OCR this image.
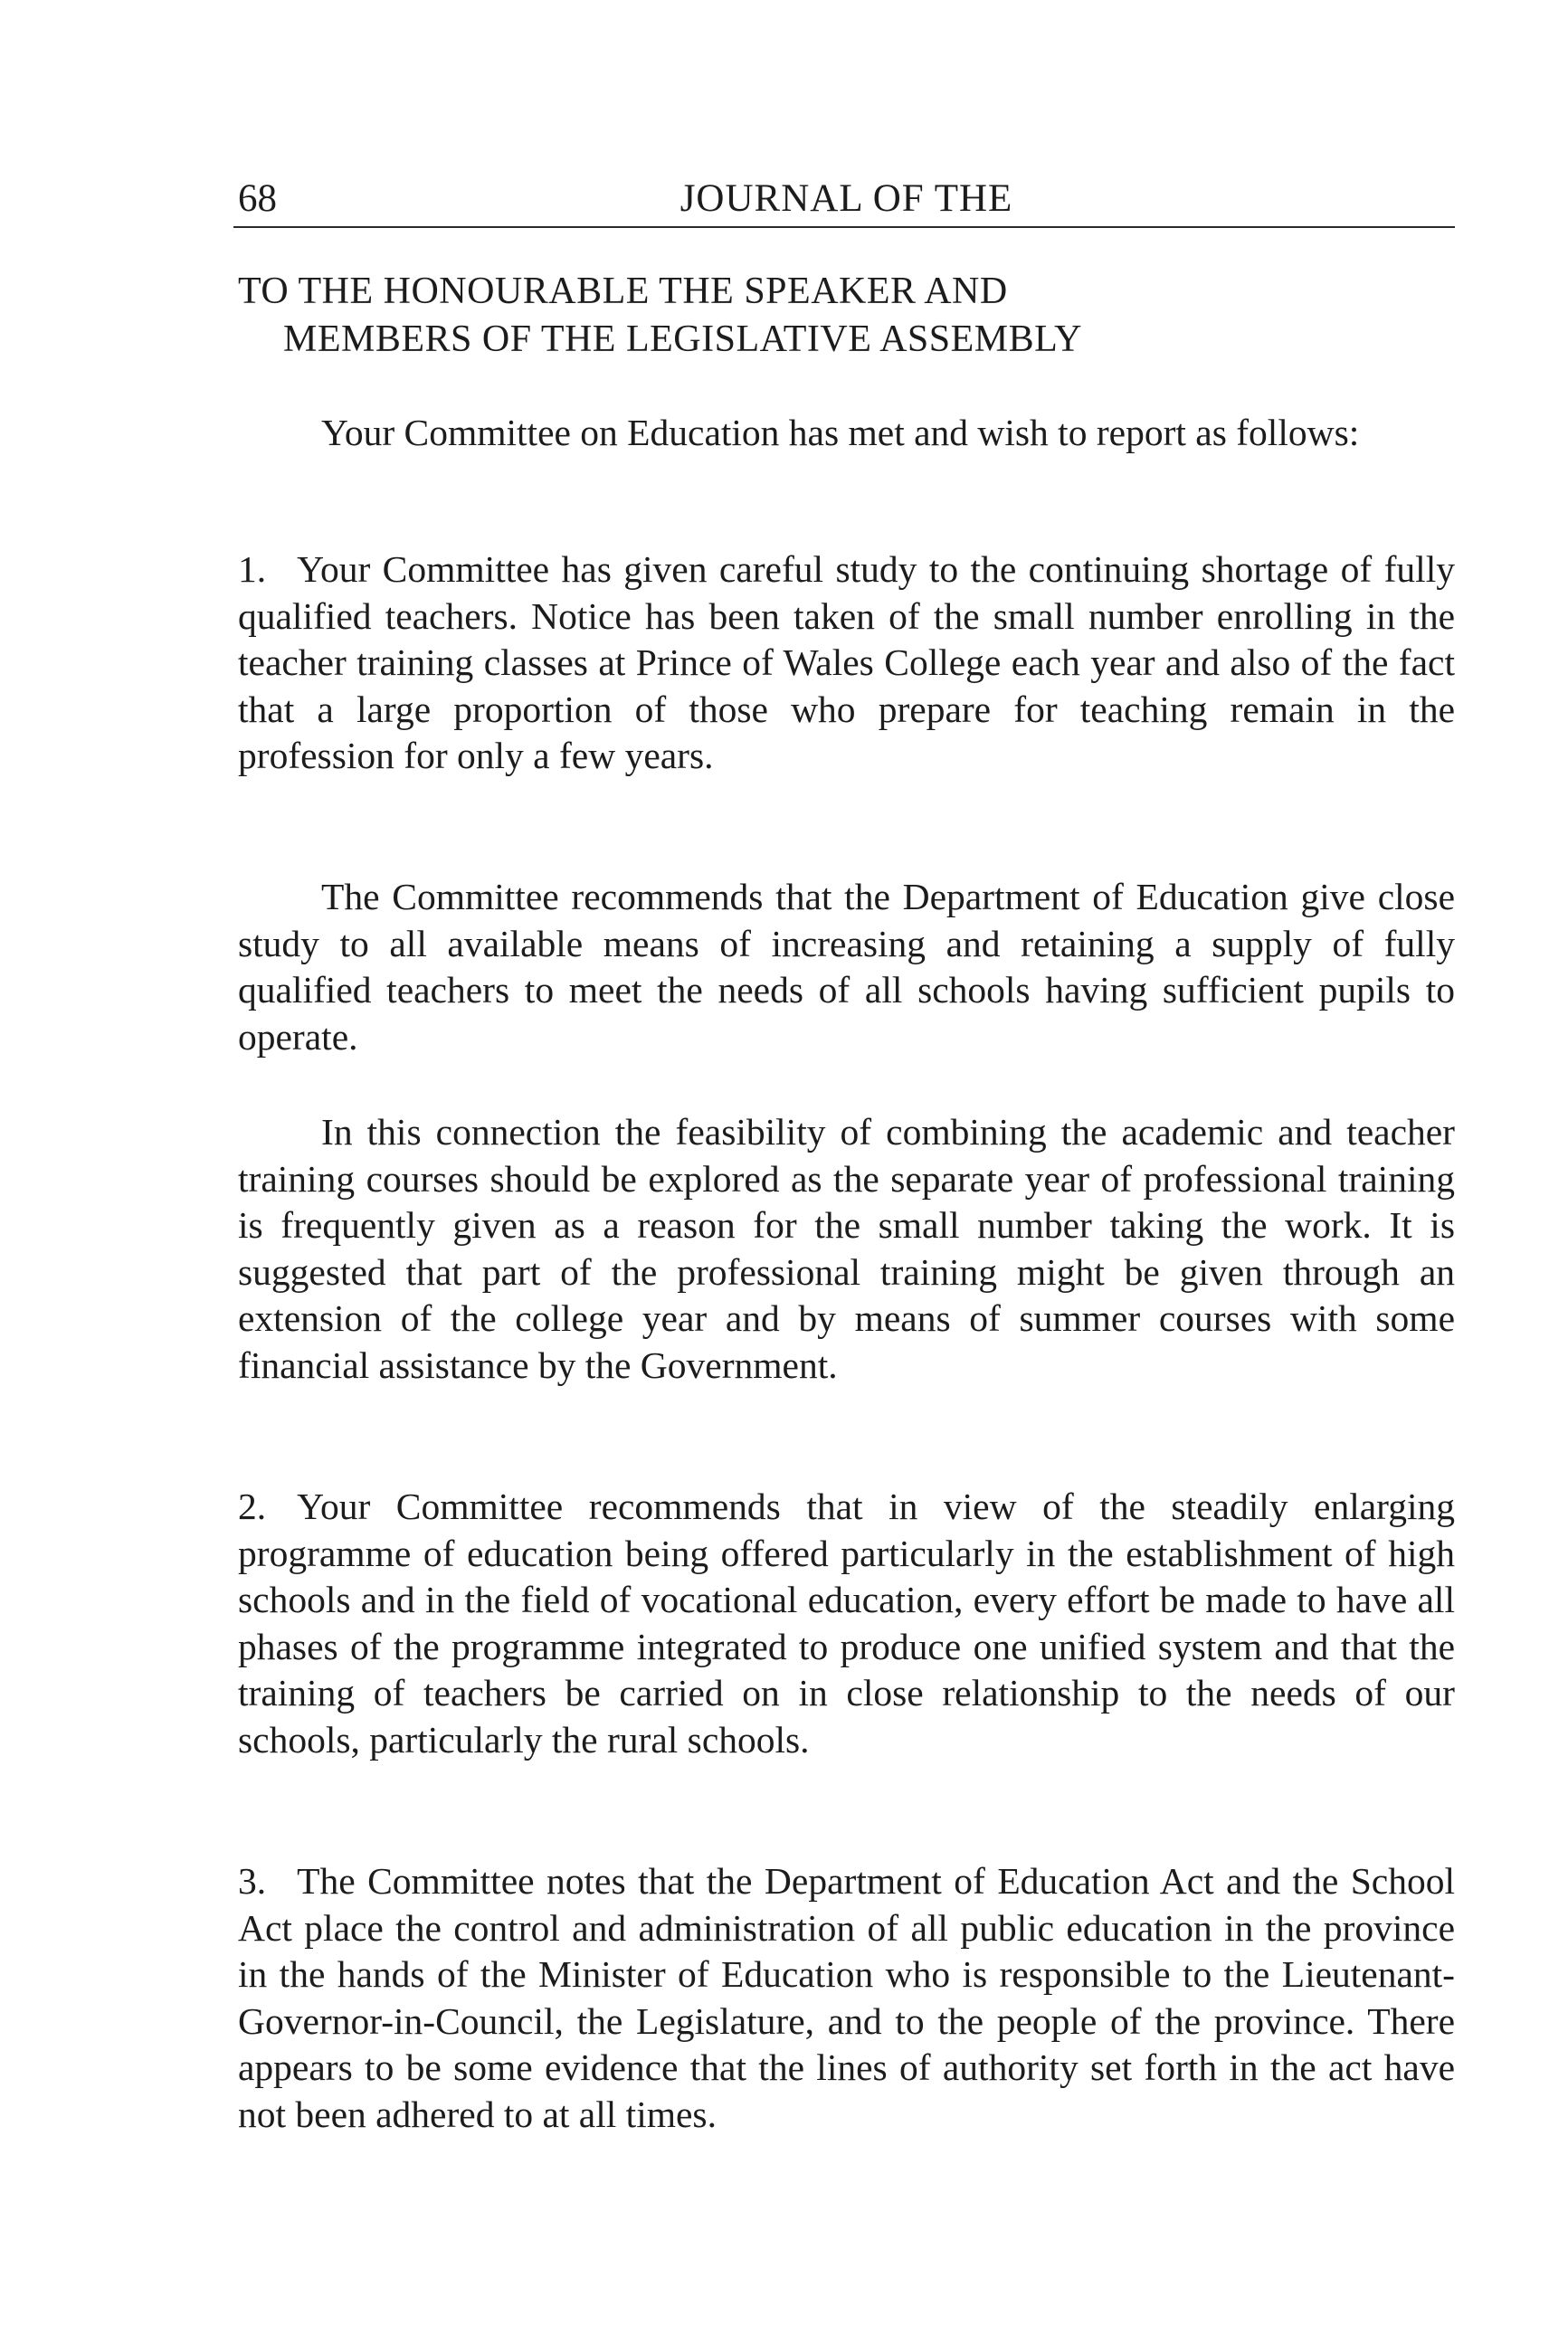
68	JOURNAL OF THE
TO THE HONOURABLE THE SPEAKER AND
MEMBERS OF THE LEGISLATIVE ASSEMBLY

Your Committee on Education has met and wish to report as follows:

1. Your Committee has given careful study to the continuing shortage of fully qualified teachers. Notice has been taken of the small number enrolling in the teacher training classes at Prince of Wales College each year and also of the fact that a large proportion of those who prepare for teaching remain in the profession for only a few years.

The Committee recommends that the Department of Education give close study to all available means of increasing and retaining a supply of fully qualified teachers to meet the needs of all schools having sufficient pupils to operate.

In this connection the feasibility of combining the academic and teacher training courses should be explored as the separate year of professional training is frequently given as a reason for the small number taking the work. It is suggested that part of the professional training might be given through an extension of the college year and by means of summer courses with some financial assistance by the Government.

2. Your Committee recommends that in view of the steadily enlarging programme of education being offered particularly in the establishment of high schools and in the field of vocational education, every effort be made to have all phases of the programme integrated to produce one unified system and that the training of teachers be carried on in close relationship to the needs of our schools, particularly the rural schools.

3. The Committee notes that the Department of Education Act and the School Act place the control and administration of all public education in the province in the hands of the Minister of Education who is responsible to the Lieutenant-Governor-in-Council, the Legislature, and to the people of the province. There appears to be some evidence that the lines of authority set forth in the act have not been adhered to at all times.
